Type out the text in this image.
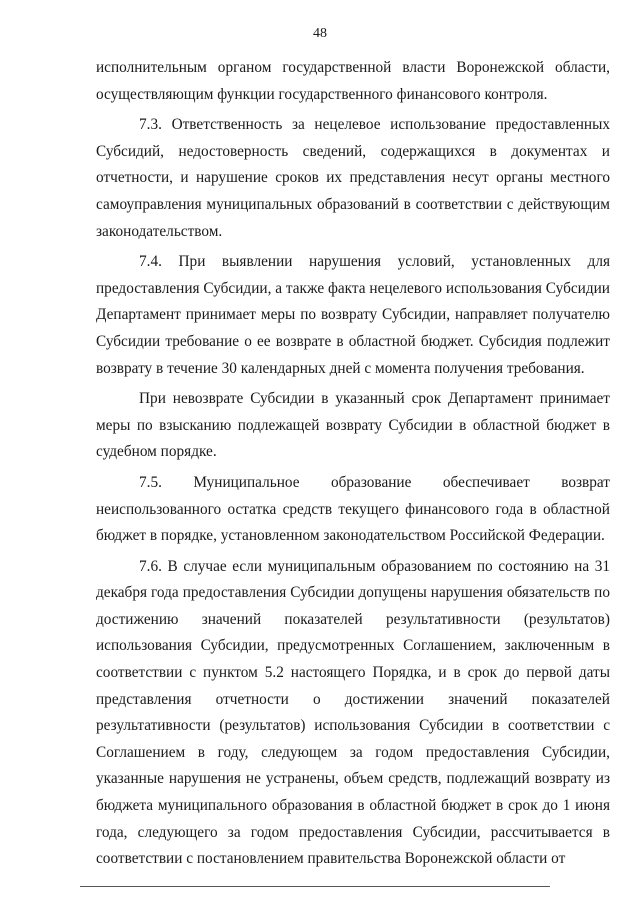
48

исполнительным органом государственной власти Воронежской области, осуществляющим функции государственного финансового контроля.

7.3. Ответственность за нецелевое использование предоставленных Субсидий, недостоверность сведений, содержащихся в документах и отчетности, и нарушение сроков их представления несут органы местного самоуправления муниципальных образований в соответствии с действующим законодательством.

7.4. При выявлении нарушения условий, установленных для предоставления Субсидии, а также факта нецелевого использования Субсидии Департамент принимает меры по возврату Субсидии, направляет получателю Субсидии требование о ее возврате в областной бюджет. Субсидия подлежит возврату в течение 30 календарных дней с момента получения требования.

При невозврате Субсидии в указанный срок Департамент принимает меры по взысканию подлежащей возврату Субсидии в областной бюджет в судебном порядке.

7.5. Муниципальное образование обеспечивает возврат неиспользованного остатка средств текущего финансового года в областной бюджет в порядке, установленном законодательством Российской Федерации.

7.6. В случае если муниципальным образованием по состоянию на 31 декабря года предоставления Субсидии допущены нарушения обязательств по достижению значений показателей результативности (результатов) использования Субсидии, предусмотренных Соглашением, заключенным в соответствии с пунктом 5.2 настоящего Порядка, и в срок до первой даты представления отчетности о достижении значений показателей результативности (результатов) использования Субсидии в соответствии с Соглашением в году, следующем за годом предоставления Субсидии, указанные нарушения не устранены, объем средств, подлежащий возврату из бюджета муниципального образования в областной бюджет в срок до 1 июня года, следующего за годом предоставления Субсидии, рассчитывается в соответствии с постановлением правительства Воронежской области от
